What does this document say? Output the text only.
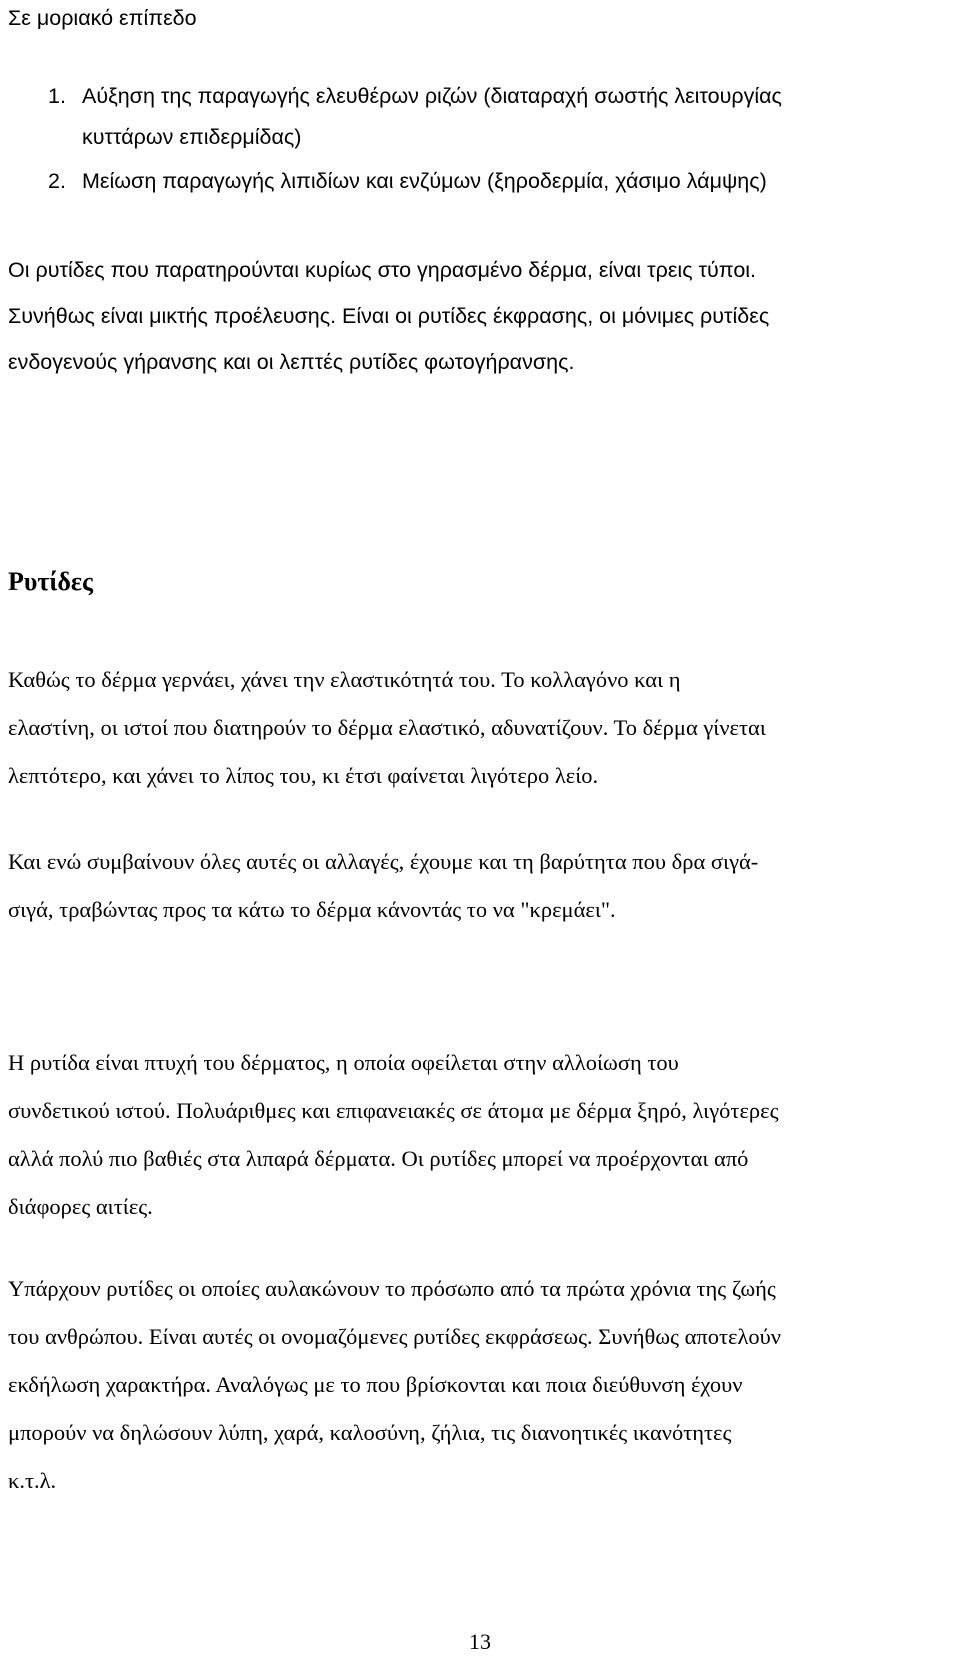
Σε μοριακό επίπεδο

1. Αύξηση της παραγωγής ελευθέρων ριζών (διαταραχή σωστής λειτουργίας
κυττάρων επιδερμίδας)
2. Μείωση παραγωγής λιπιδίων και ενζύμων (ξηροδερμία, χάσιμο λάμψης)

Οι ρυτίδες που παρατηρούνται κυρίως στο γηρασμένο δέρμα, είναι τρεις τύποι.
Συνήθως είναι μικτής προέλευσης. Είναι οι ρυτίδες έκφρασης, οι μόνιμες ρυτίδες
ενδογενούς γήρανσης και οι λεπτές ρυτίδες φωτογήρανσης.

Ρυτίδες

Καθώς το δέρμα γερνάει, χάνει την ελαστικότητά του. Το κολλαγόνο και η
ελαστίνη, οι ιστοί που διατηρούν το δέρμα ελαστικό, αδυνατίζουν. Το δέρμα γίνεται
λεπτότερο, και χάνει το λίπος του, κι έτσι φαίνεται λιγότερο λείο.

Και ενώ συμβαίνουν όλες αυτές οι αλλαγές, έχουμε και τη βαρύτητα που δρα σιγά-
σιγά, τραβώντας προς τα κάτω το δέρμα κάνοντάς το να "κρεμάει".

Η ρυτίδα είναι πτυχή του δέρματος, η οποία οφείλεται στην αλλοίωση του
συνδετικού ιστού. Πολυάριθμες και επιφανειακές σε άτομα με δέρμα ξηρό, λιγότερες
αλλά πολύ πιο βαθιές στα λιπαρά δέρματα. Οι ρυτίδες μπορεί να προέρχονται από
διάφορες αιτίες.

Υπάρχουν ρυτίδες οι οποίες αυλακώνουν το πρόσωπο από τα πρώτα χρόνια της ζωής
του ανθρώπου. Είναι αυτές οι ονομαζόμενες ρυτίδες εκφράσεως. Συνήθως αποτελούν
εκδήλωση χαρακτήρα. Αναλόγως με το που βρίσκονται και ποια διεύθυνση έχουν
μπορούν να δηλώσουν λύπη, χαρά, καλοσύνη, ζήλια, τις διανοητικές ικανότητες
κ.τ.λ.

13
